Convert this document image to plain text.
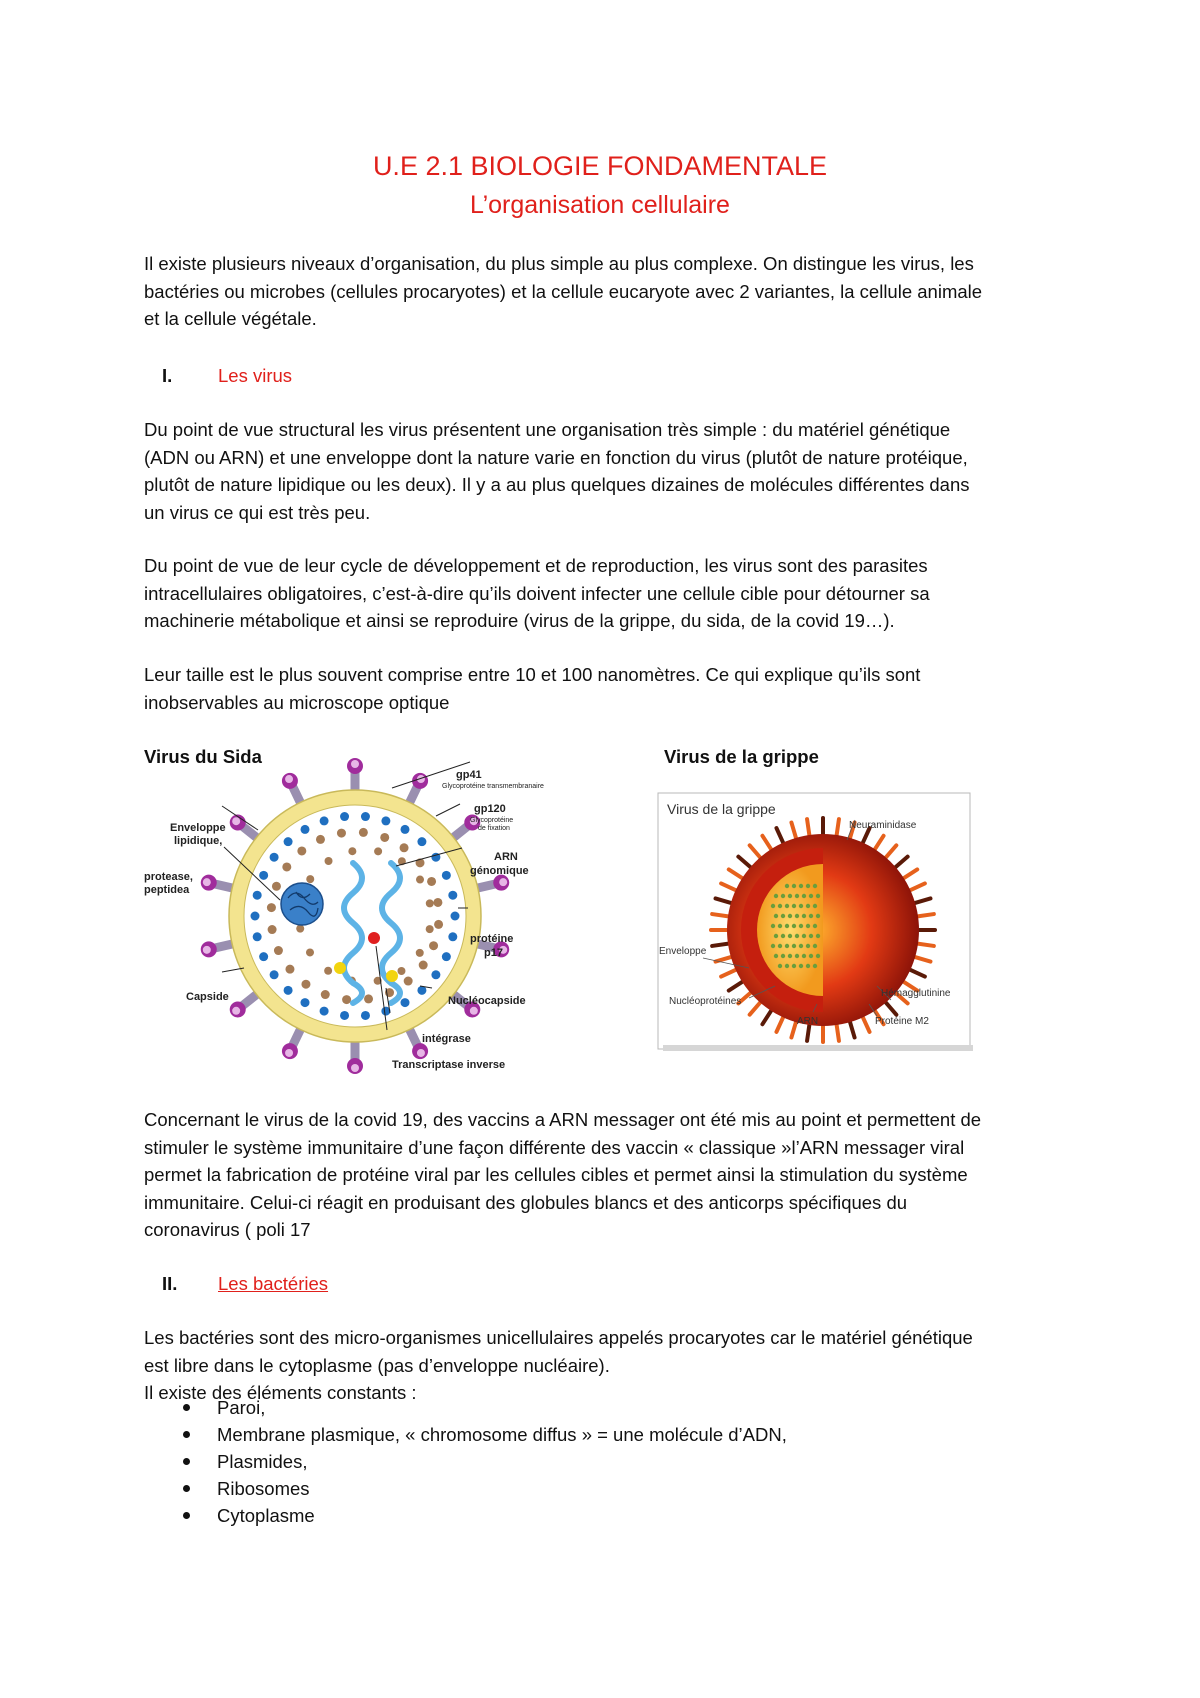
U.E 2.1 BIOLOGIE FONDAMENTALE
L’organisation cellulaire

Il existe plusieurs niveaux d’organisation, du plus simple au plus complexe. On distingue les virus, les
bactéries ou microbes (cellules procaryotes) et la cellule eucaryote avec 2 variantes, la cellule animale
et la cellule végétale.

I. Les virus

Du point de vue structural les virus présentent une organisation très simple : du matériel génétique
(ADN ou ARN) et une enveloppe dont la nature varie en fonction du virus (plutôt de nature protéique,
plutôt de nature lipidique ou les deux). Il y a au plus quelques dizaines de molécules différentes dans
un virus ce qui est très peu.

Du point de vue de leur cycle de développement et de reproduction, les virus sont des parasites
intracellulaires obligatoires, c’est-à-dire qu’ils doivent infecter une cellule cible pour détourner sa
machinerie métabolique et ainsi se reproduire (virus de la grippe, du sida, de la covid 19…).

Leur taille est le plus souvent comprise entre 10 et 100 nanomètres. Ce qui explique qu’ils sont
inobservables au microscope optique

Virus du Sida	Virus de la grippe
gp41
Glycoprotéine transmembranaire
gp120
Glycoprotéine
de fixation
ARN
génomique
Enveloppe
lipidique,
protease,
peptidea
protéine
p17
Capside	Nucléocapside
intégrase
Transcriptase inverse
Virus de la grippe
Neuraminidase
Enveloppe
Nucléoprotéines
ARN
Hémagglutinine
Protéine M2

Concernant le virus de la covid 19, des vaccins a ARN messager ont été mis au point et permettent de
stimuler le système immunitaire d’une façon différente des vaccin « classique »l’ARN messager viral
permet la fabrication de protéine viral par les cellules cibles et permet ainsi la stimulation du système
immunitaire. Celui-ci réagit en produisant des globules blancs et des anticorps spécifiques du
coronavirus ( poli 17

II. Les bactéries

Les bactéries sont des micro-organismes unicellulaires appelés procaryotes car le matériel génétique
est libre dans le cytoplasme (pas d’enveloppe nucléaire).
Il existe des éléments constants :

Paroi,
Membrane plasmique, « chromosome diffus » = une molécule d’ADN,
Plasmides,
Ribosomes
Cytoplasme
